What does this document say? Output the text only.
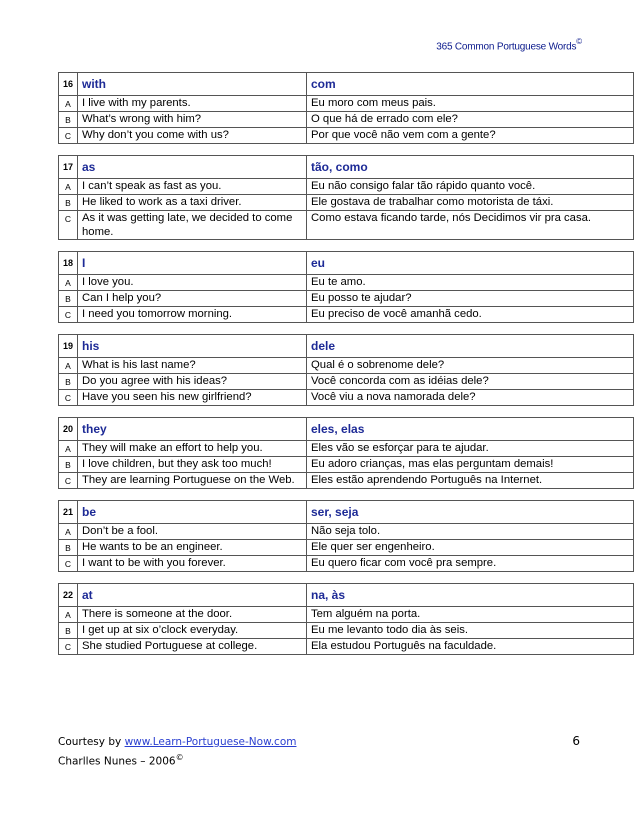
365 Common Portuguese Words©
16	with	com
A	I live with my parents.	Eu moro com meus pais.
B	What’s wrong with him?	O que há de errado com ele?
C	Why don’t you come with us?	Por que você não vem com a gente?
17	as	tão, como
A	I can’t speak as fast as you.	Eu não consigo falar tão rápido quanto você.
B	He liked to work as a taxi driver.	Ele gostava de trabalhar como motorista de táxi.
C	As it was getting late, we decided to come home.	Como estava ficando tarde, nós Decidimos vir pra casa.
18	I	eu
A	I love you.	Eu te amo.
B	Can I help you?	Eu posso te ajudar?
C	I need you tomorrow morning.	Eu preciso de você amanhã cedo.
19	his	dele
A	What is his last name?	Qual é o sobrenome dele?
B	Do you agree with his ideas?	Você concorda com as idéias dele?
C	Have you seen his new girlfriend?	Você viu a nova namorada dele?
20	they	eles, elas
A	They will make an effort to help you.	Eles vão se esforçar para te ajudar.
B	I love children, but they ask too much!	Eu adoro crianças, mas elas perguntam demais!
C	They are learning Portuguese on the Web.	Eles estão aprendendo Português na Internet.
21	be	ser, seja
A	Don’t be a fool.	Não seja tolo.
B	He wants to be an engineer.	Ele quer ser engenheiro.
C	I want to be with you forever.	Eu quero ficar com você pra sempre.
22	at	na, às
A	There is someone at the door.	Tem alguém na porta.
B	I get up at six o’clock everyday.	Eu me levanto todo dia às seis.
C	She studied Portuguese at college.	Ela estudou Português na faculdade.
Courtesy by www.Learn-Portuguese-Now.com
Charlles Nunes – 2006©
6
